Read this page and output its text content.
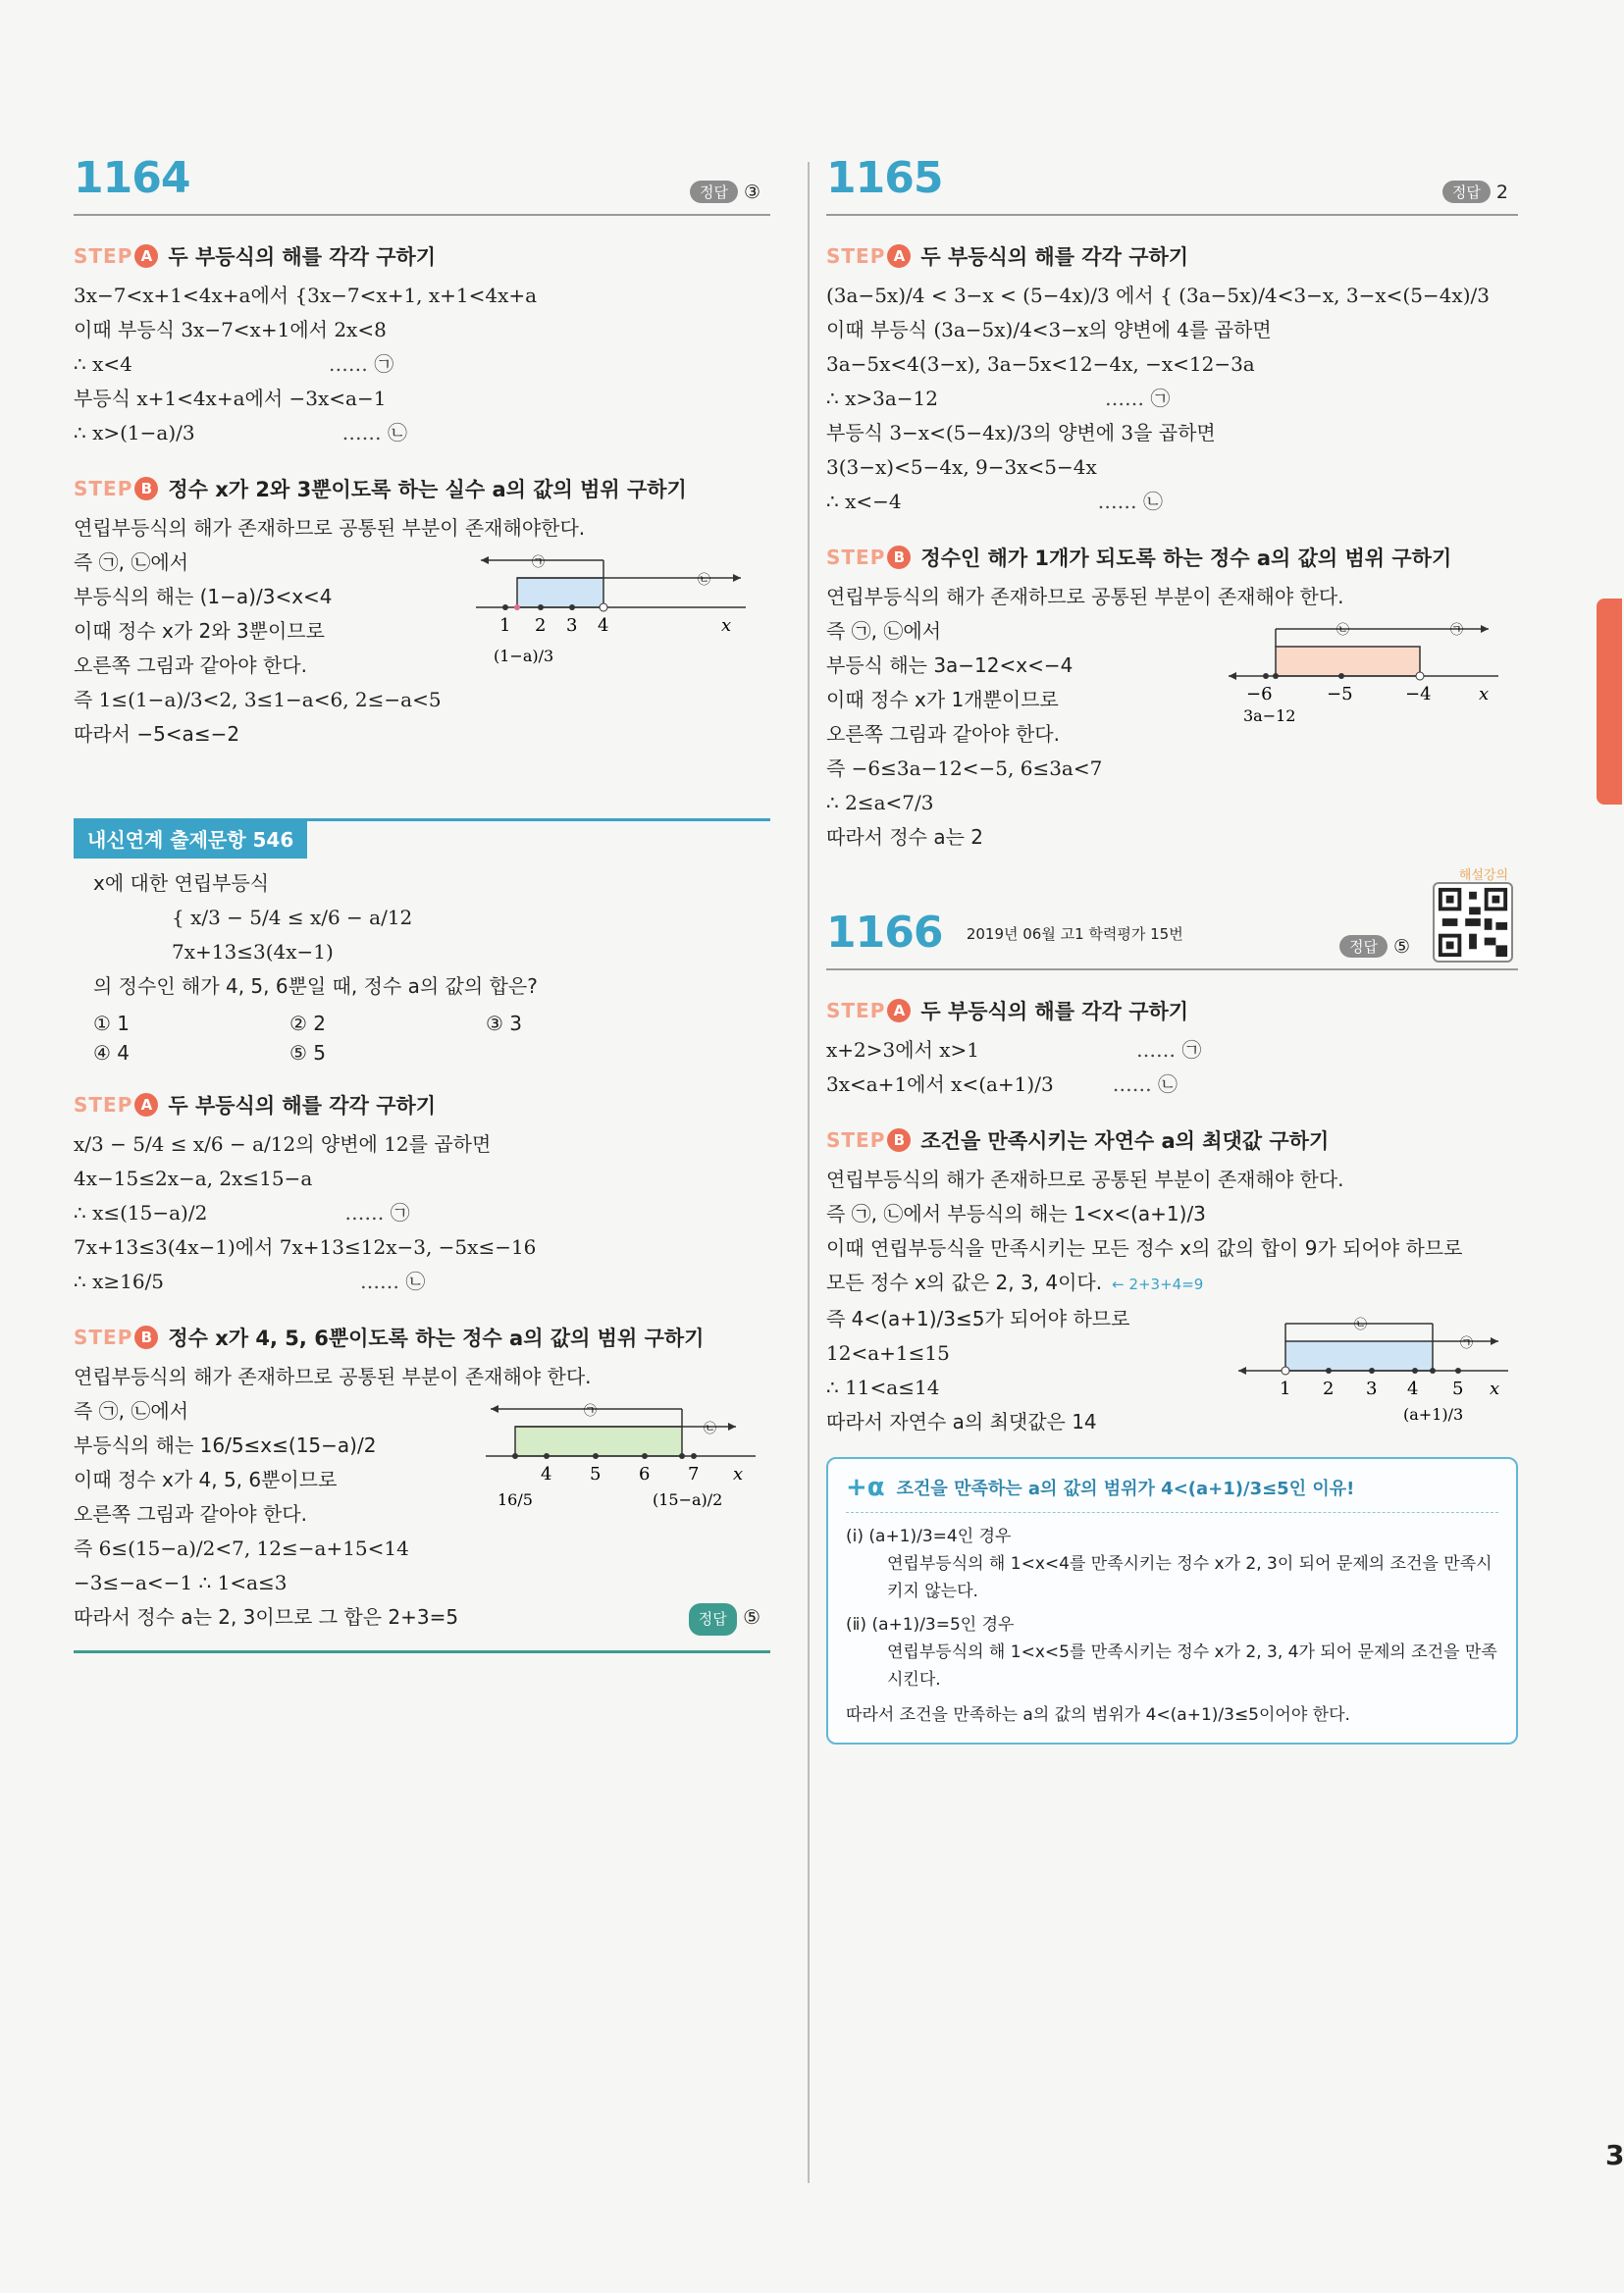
3
1164	정답 ③
STEP A 두 부등식의 해를 각각 구하기
3x−7<x+1<4x+a에서 {3x−7<x+1, x+1<4x+a
이때 부등식 3x−7<x+1에서 2x<8
∴ x<4	…… ㉠
부등식 x+1<4x+a에서 −3x<a−1
∴ x>(1−a)/3	…… ㉡
STEP B 정수 x가 2와 3뿐이도록 하는 실수 a의 값의 범위 구하기
연립부등식의 해가 존재하므로 공통된 부분이 존재해야한다.
즉 ㉠, ㉡에서
부등식의 해는 (1−a)/3<x<4
이때 정수 x가 2와 3뿐이므로
오른쪽 그림과 같아야 한다.
즉 1≤(1−a)/3<2, 3≤1−a<6, 2≤−a<5
따라서 −5<a≤−2
㉠
㉡
1 2 3 4	x
(1−a)/3
내신연계 출제문항 546
x에 대한 연립부등식
{ x/3 − 5/4 ≤ x/6 − a/12
7x+13≤3(4x−1)
의 정수인 해가 4, 5, 6뿐일 때, 정수 a의 값의 합은?
① 1	② 2	③ 3
④ 4	⑤ 5
STEP A 두 부등식의 해를 각각 구하기
x/3 − 5/4 ≤ x/6 − a/12의 양변에 12를 곱하면
4x−15≤2x−a, 2x≤15−a
∴ x≤(15−a)/2	…… ㉠
7x+13≤3(4x−1)에서 7x+13≤12x−3, −5x≤−16
∴ x≥16/5	…… ㉡
STEP B 정수 x가 4, 5, 6뿐이도록 하는 정수 a의 값의 범위 구하기
연립부등식의 해가 존재하므로 공통된 부분이 존재해야 한다.
즉 ㉠, ㉡에서
부등식의 해는 16/5≤x≤(15−a)/2
이때 정수 x가 4, 5, 6뿐이므로
오른쪽 그림과 같아야 한다.
즉 6≤(15−a)/2<7, 12≤−a+15<14
−3≤−a<−1 ∴ 1<a≤3
따라서 정수 a는 2, 3이므로 그 합은 2+3=5	정답 ⑤
㉠
㉡
4 5 6 7 x
16/5	(15−a)/2
1165	정답 2
STEP A 두 부등식의 해를 각각 구하기
(3a−5x)/4 < 3−x < (5−4x)/3 에서 { (3a−5x)/4<3−x, 3−x<(5−4x)/3
이때 부등식 (3a−5x)/4<3−x의 양변에 4를 곱하면
3a−5x<4(3−x), 3a−5x<12−4x, −x<12−3a
∴ x>3a−12	…… ㉠
부등식 3−x<(5−4x)/3의 양변에 3을 곱하면
3(3−x)<5−4x, 9−3x<5−4x
∴ x<−4	…… ㉡
STEP B 정수인 해가 1개가 되도록 하는 정수 a의 값의 범위 구하기
연립부등식의 해가 존재하므로 공통된 부분이 존재해야 한다.
즉 ㉠, ㉡에서
부등식 해는 3a−12<x<−4
이때 정수 x가 1개뿐이므로
오른쪽 그림과 같아야 한다.
즉 −6≤3a−12<−5, 6≤3a<7
∴ 2≤a<7/3
따라서 정수 a는 2
㉡	㉠
−6	−5	−4	x
3a−12
1166 $^{2019년 06월 고1 학력평가 15번}$
정답 ⑤
해설강의
STEP A 두 부등식의 해를 각각 구하기
x+2>3에서 x>1	…… ㉠
3x<a+1에서 x<(a+1)/3	…… ㉡
STEP B 조건을 만족시키는 자연수 a의 최댓값 구하기
연립부등식의 해가 존재하므로 공통된 부분이 존재해야 한다.
즉 ㉠, ㉡에서 부등식의 해는 1<x<(a+1)/3
이때 연립부등식을 만족시키는 모든 정수 x의 값의 합이 9가 되어야 하므로
모든 정수 x의 값은 2, 3, 4이다. ← 2+3+4=9
즉 4<(a+1)/3≤5가 되어야 하므로
12<a+1≤15
∴ 11<a≤14
따라서 자연수 a의 최댓값은 14
㉡
㉠
1 2 3 4 5 x
(a+1)/3
+α 조건을 만족하는 a의 값의 범위가 4<(a+1)/3≤5인 이유!
(ⅰ) (a+1)/3=4인 경우
연립부등식의 해 1<x<4를 만족시키는 정수 x가 2, 3이 되어 문제의 조건을 만족시키지 않는다.
(ⅱ) (a+1)/3=5인 경우
연립부등식의 해 1<x<5를 만족시키는 정수 x가 2, 3, 4가 되어 문제의 조건을 만족시킨다.
따라서 조건을 만족하는 a의 값의 범위가 4<(a+1)/3≤5이어야 한다.
